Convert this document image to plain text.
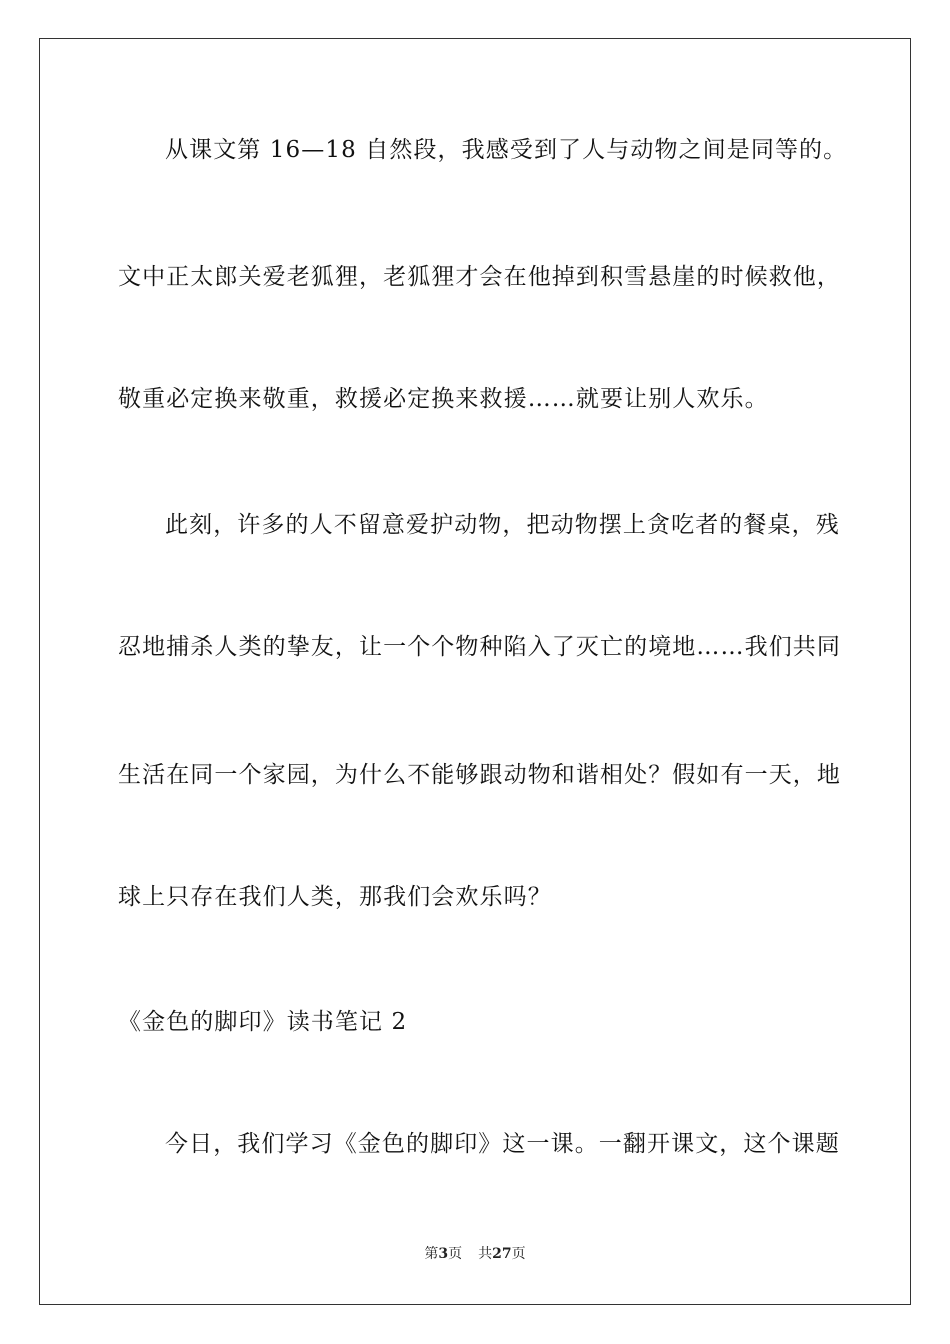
从课文第 16—18 自然段，我感受到了人与动物之间是同等的。
文中正太郎关爱老狐狸，老狐狸才会在他掉到积雪悬崖的时候救他，
敬重必定换来敬重，救援必定换来救援……就要让别人欢乐。
此刻，许多的人不留意爱护动物，把动物摆上贪吃者的餐桌，残
忍地捕杀人类的挚友，让一个个物种陷入了灭亡的境地……我们共同
生活在同一个家园，为什么不能够跟动物和谐相处？假如有一天，地
球上只存在我们人类，那我们会欢乐吗？
《金色的脚印》读书笔记 2
今日，我们学习《金色的脚印》这一课。一翻开课文，这个课题
第3页 共27页
